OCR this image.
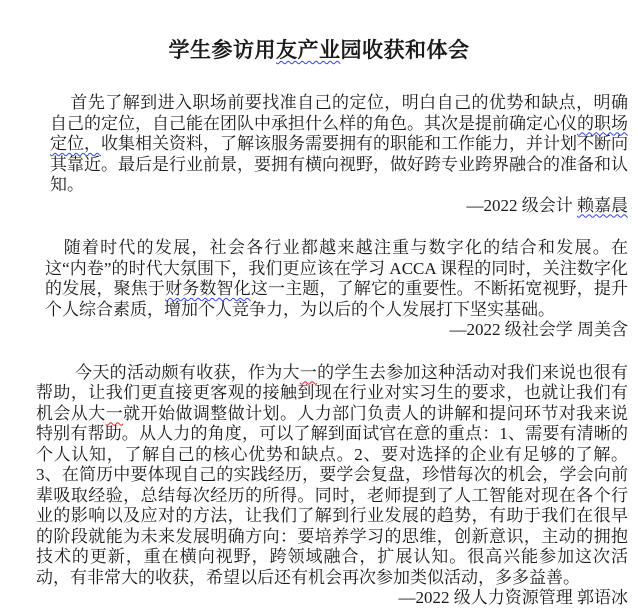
学生参访用友产业园收获和体会

首先了解到进入职场前要找准自己的定位，明白自己的优势和缺点，明确自己的定位，自己能在团队中承担什么样的角色。其次是提前确定心仪的职场定位，收集相关资料，了解该服务需要拥有的职能和工作能力，并计划不断向其靠近。最后是行业前景，要拥有横向视野，做好跨专业跨界融合的准备和认知。

—2022 级会计 赖嘉晨

随着时代的发展，社会各行业都越来越注重与数字化的结合和发展。在这“内卷”的时代大氛围下，我们更应该在学习 ACCA 课程的同时，关注数字化的发展，聚焦于财务数智化这一主题，了解它的重要性。不断拓宽视野，提升个人综合素质，增加个人竞争力，为以后的个人发展打下坚实基础。

—2022 级社会学 周美含

今天的活动颇有收获，作为大一的学生去参加这种活动对我们来说也很有帮助，让我们更直接更客观的接触到现在行业对实习生的要求，也就让我们有机会从大一就开始做调整做计划。人力部门负责人的讲解和提问环节对我来说特别有帮助。从人力的角度，可以了解到面试官在意的重点：1、需要有清晰的个人认知，了解自己的核心优势和缺点。2、要对选择的企业有足够的了解。3、在简历中要体现自己的实践经历，要学会复盘，珍惜每次的机会，学会向前辈吸取经验，总结每次经历的所得。同时，老师提到了人工智能对现在各个行业的影响以及应对的方法，让我们了解到行业发展的趋势，有助于我们在很早的阶段就能为未来发展明确方向：要培养学习的思维，创新意识，主动的拥抱技术的更新，重在横向视野，跨领域融合，扩展认知。很高兴能参加这次活动，有非常大的收获，希望以后还有机会再次参加类似活动，多多益善。

—2022 级人力资源管理 郭语冰
